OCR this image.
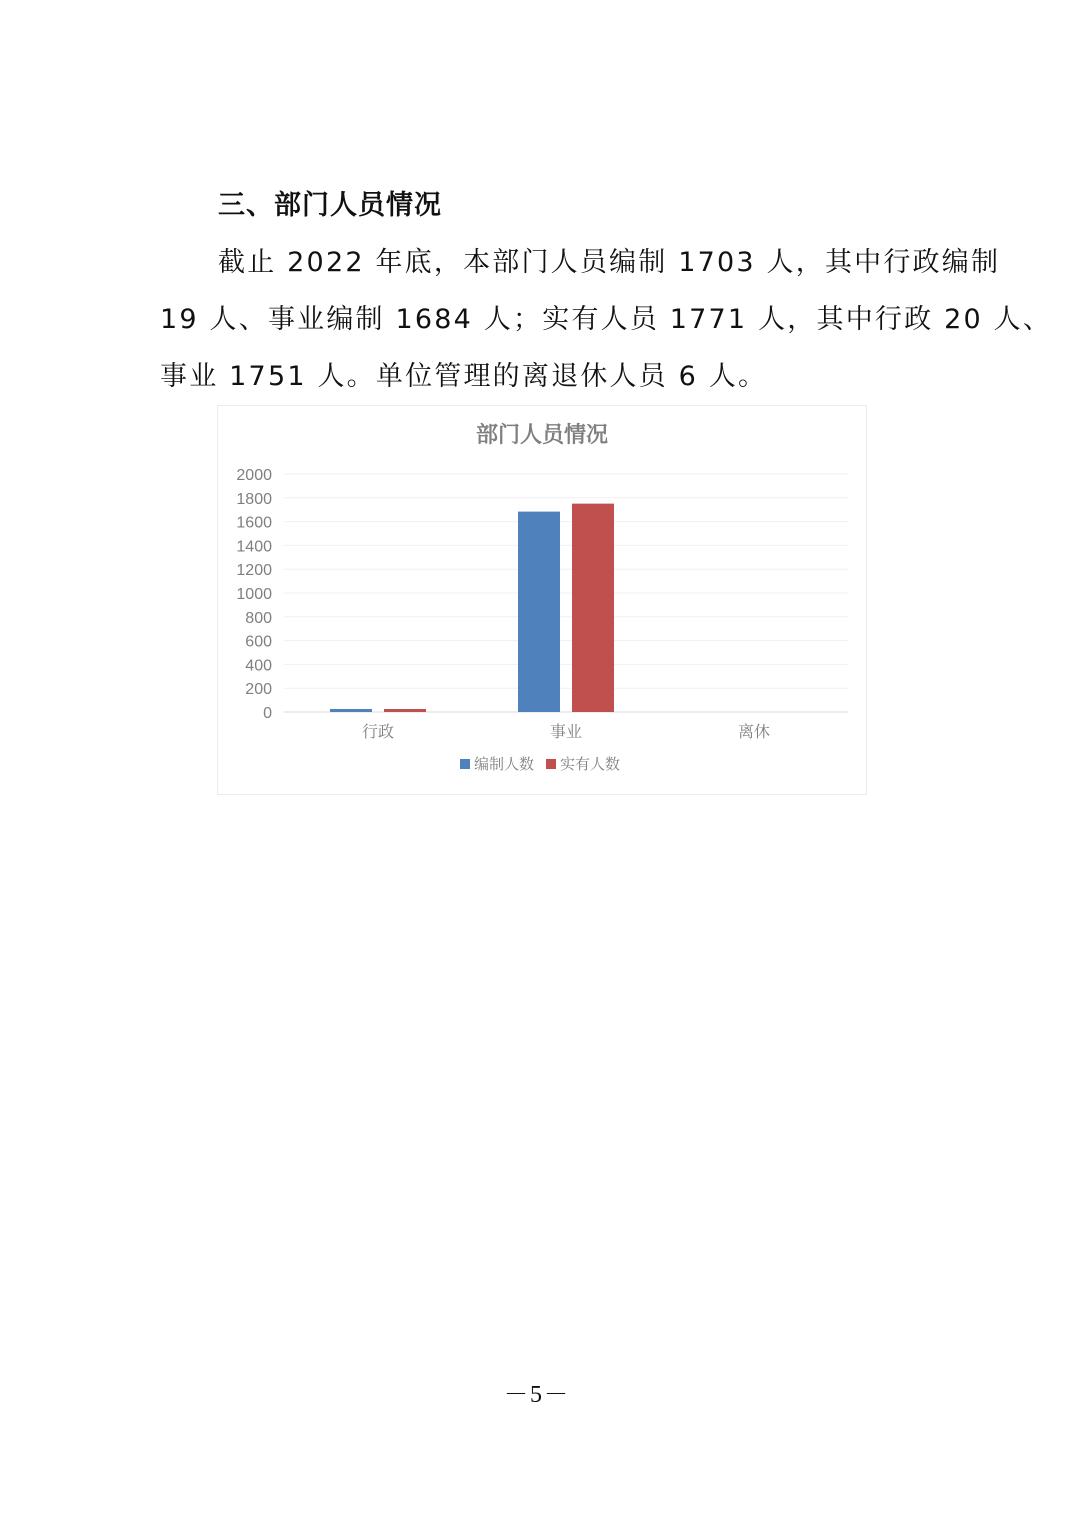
三、部门人员情况
截止 2022 年底，本部门人员编制 1703 人，其中行政编制
19 人、事业编制 1684 人；实有人员 1771 人，其中行政 20 人、
事业 1751 人。单位管理的离退休人员 6 人。
部门人员情况
0
200
400
600
800
1000
1200
1400
1600
1800
2000
行政	事业	离休
编制人数 实有人数
－5－
